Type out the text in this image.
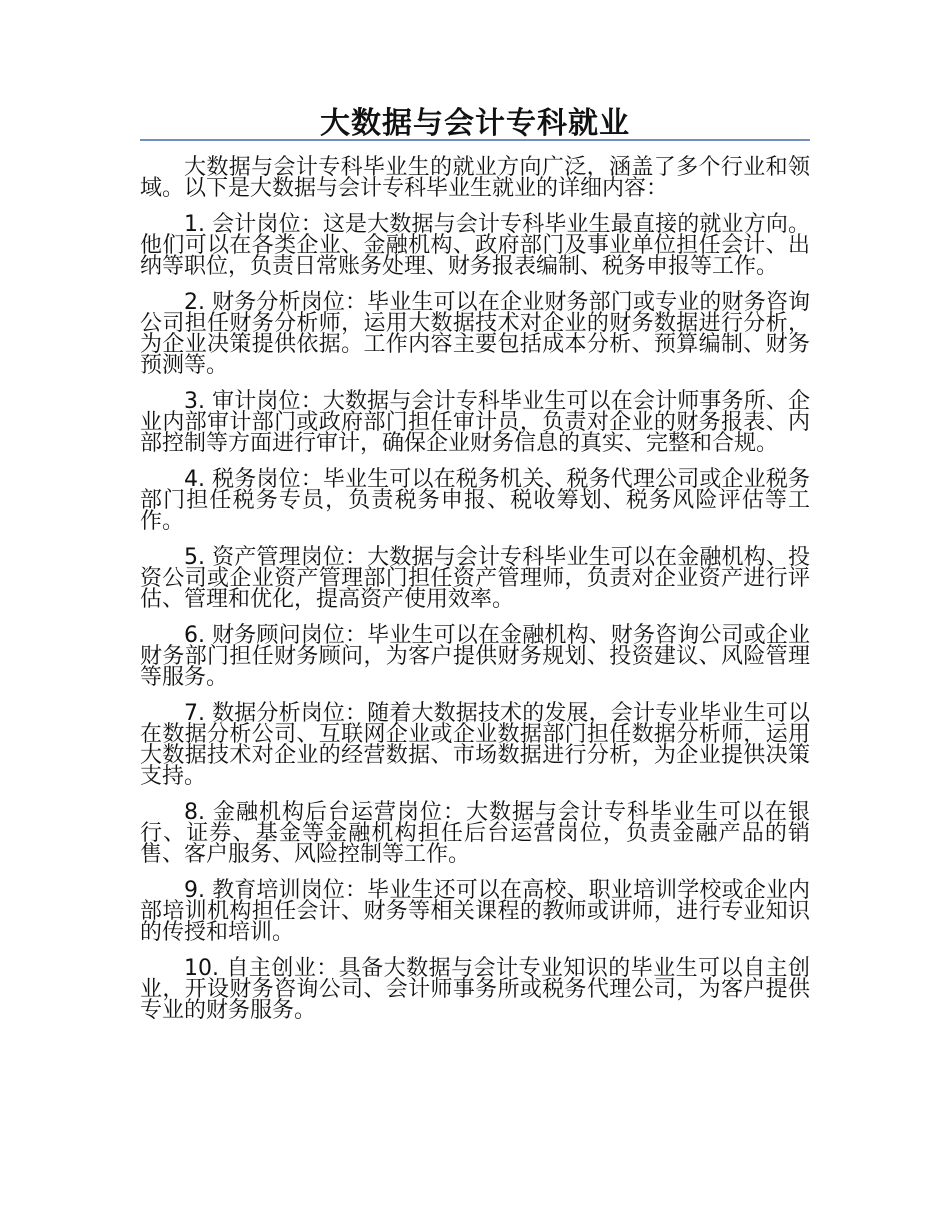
大数据与会计专科就业

大数据与会计专科毕业生的就业方向广泛，涵盖了多个行业和领域。以下是大数据与会计专科毕业生就业的详细内容：

1. 会计岗位：这是大数据与会计专科毕业生最直接的就业方向。他们可以在各类企业、金融机构、政府部门及事业单位担任会计、出纳等职位，负责日常账务处理、财务报表编制、税务申报等工作。

2. 财务分析岗位：毕业生可以在企业财务部门或专业的财务咨询公司担任财务分析师，运用大数据技术对企业的财务数据进行分析，为企业决策提供依据。工作内容主要包括成本分析、预算编制、财务预测等。

3. 审计岗位：大数据与会计专科毕业生可以在会计师事务所、企业内部审计部门或政府部门担任审计员，负责对企业的财务报表、内部控制等方面进行审计，确保企业财务信息的真实、完整和合规。

4. 税务岗位：毕业生可以在税务机关、税务代理公司或企业税务部门担任税务专员，负责税务申报、税收筹划、税务风险评估等工作。

5. 资产管理岗位：大数据与会计专科毕业生可以在金融机构、投资公司或企业资产管理部门担任资产管理师，负责对企业资产进行评估、管理和优化，提高资产使用效率。

6. 财务顾问岗位：毕业生可以在金融机构、财务咨询公司或企业财务部门担任财务顾问，为客户提供财务规划、投资建议、风险管理等服务。

7. 数据分析岗位：随着大数据技术的发展，会计专业毕业生可以在数据分析公司、互联网企业或企业数据部门担任数据分析师，运用大数据技术对企业的经营数据、市场数据进行分析，为企业提供决策支持。

8. 金融机构后台运营岗位：大数据与会计专科毕业生可以在银行、证券、基金等金融机构担任后台运营岗位，负责金融产品的销售、客户服务、风险控制等工作。

9. 教育培训岗位：毕业生还可以在高校、职业培训学校或企业内部培训机构担任会计、财务等相关课程的教师或讲师，进行专业知识的传授和培训。

10. 自主创业：具备大数据与会计专业知识的毕业生可以自主创业，开设财务咨询公司、会计师事务所或税务代理公司，为客户提供专业的财务服务。
